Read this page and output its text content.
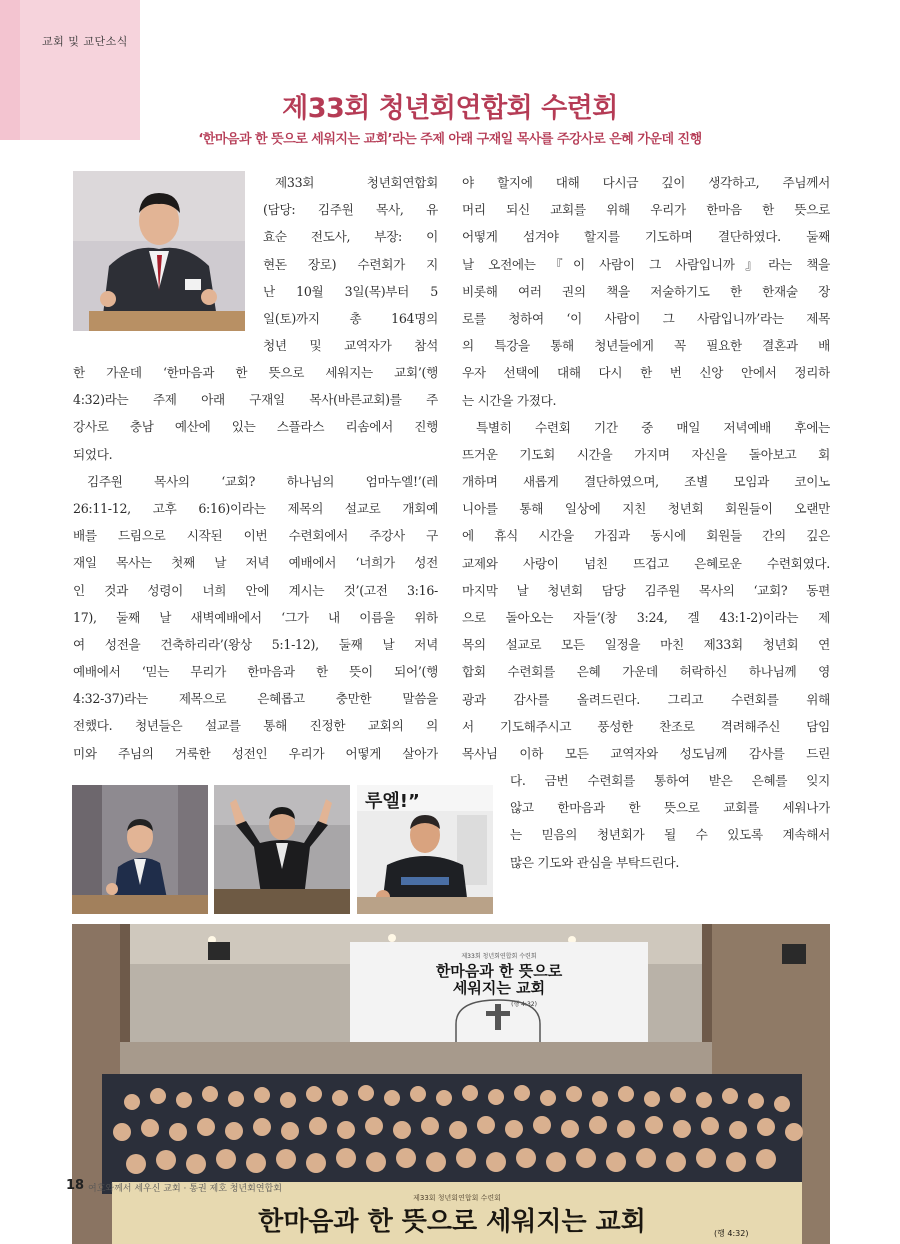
교회 및 교단소식
제33회 청년회연합회 수련회
‘한마음과 한 뜻으로 세워지는 교회’라는 주제 아래 구재일 목사를 주강사로 은혜 가운데 진행
제33회 청년회연합회
(담당: 김주원 목사, 유
효순 전도사, 부장: 이
현돈 장로) 수련회가 지
난 10월 3일(목)부터 5
일(토)까지 총 164명의
청년 및 교역자가 참석
한 가운데 ‘한마음과 한 뜻으로 세워지는 교회’(행
4:32)라는 주제 아래 구재일 목사(바른교회)를 주
강사로 충남 예산에 있는 스플라스 리솜에서 진행
되었다.
김주원 목사의 ‘교회? 하나님의 엄마누엘!’(레
26:11-12, 고후 6:16)이라는 제목의 설교로 개회예
배를 드림으로 시작된 이번 수련회에서 주강사 구
재일 목사는 첫째 날 저녁 예배에서 ‘너희가 성전
인 것과 성령이 너희 안에 계시는 것’(고전 3:16-
17), 둘째 날 새벽예배에서 ‘그가 내 이름을 위하
여 성전을 건축하리라’(왕상 5:1-12), 둘째 날 저녁
예배에서 ‘믿는 무리가 한마음과 한 뜻이 되어’(행
4:32-37)라는 제목으로 은혜롭고 충만한 말씀을
전했다. 청년들은 설교를 통해 진정한 교회의 의
미와 주님의 거룩한 성전인 우리가 어떻게 살아가
야 할지에 대해 다시금 깊이 생각하고, 주님께서
머리 되신 교회를 위해 우리가 한마음 한 뜻으로
어떻게 섬겨야 할지를 기도하며 결단하였다. 둘째
날 오전에는 『이 사람이 그 사람입니까』라는 책을
비롯해 여러 권의 책을 저술하기도 한 한재술 장
로를 청하여 ‘이 사람이 그 사람입니까’라는 제목
의 특강을 통해 청년들에게 꼭 필요한 결혼과 배
우자 선택에 대해 다시 한 번 신앙 안에서 정리하
는 시간을 가졌다.
특별히 수련회 기간 중 매일 저녁예배 후에는
뜨거운 기도회 시간을 가지며 자신을 돌아보고 회
개하며 새롭게 결단하였으며, 조별 모임과 코이노
니아를 통해 일상에 지친 청년회 회원들이 오랜만
에 휴식 시간을 가짐과 동시에 회원들 간의 깊은
교제와 사랑이 넘친 뜨겁고 은혜로운 수련회였다.
마지막 날 청년회 담당 김주원 목사의 ‘교회? 동편
으로 돌아오는 자들’(창 3:24, 겔 43:1-2)이라는 제
목의 설교로 모든 일정을 마친 제33회 청년회 연
합회 수련회를 은혜 가운데 허락하신 하나님께 영
광과 감사를 올려드린다. 그리고 수련회를 위해
서 기도해주시고 풍성한 찬조로 격려해주신 담임
목사님 이하 모든 교역자와 성도님께 감사를 드린
다. 금번 수련회를 통하여 받은 은혜를 잊지
않고 한마음과 한 뜻으로 교회를 세워나가
는 믿음의 청년회가 될 수 있도록 계속해서
많은 기도와 관심을 부탁드린다.
루엘!”
제33회 청년회연합회 수련회
한마음과 한 뜻으로
세워지는 교회
(행 4:32)
제33회 청년회연합회 수련회
한마음과 한 뜻으로 세워지는 교회	(행 4:32)
18 여호와께서 세우신 교회 · 통권 제호 청년회연합회
